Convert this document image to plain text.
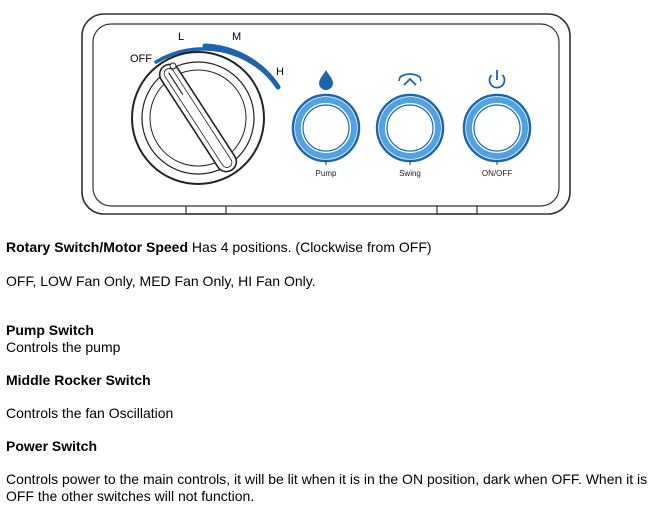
OFF
L	M
H
Pump	Swing	ON/OFF
Rotary Switch/Motor Speed Has 4 positions. (Clockwise from OFF)
OFF, LOW Fan Only, MED Fan Only, HI Fan Only.
Pump Switch
Controls the pump
Middle Rocker Switch
Controls the fan Oscillation
Power Switch
Controls power to the main controls, it will be lit when it is in the ON position, dark when OFF. When it is OFF the other switches will not function.
